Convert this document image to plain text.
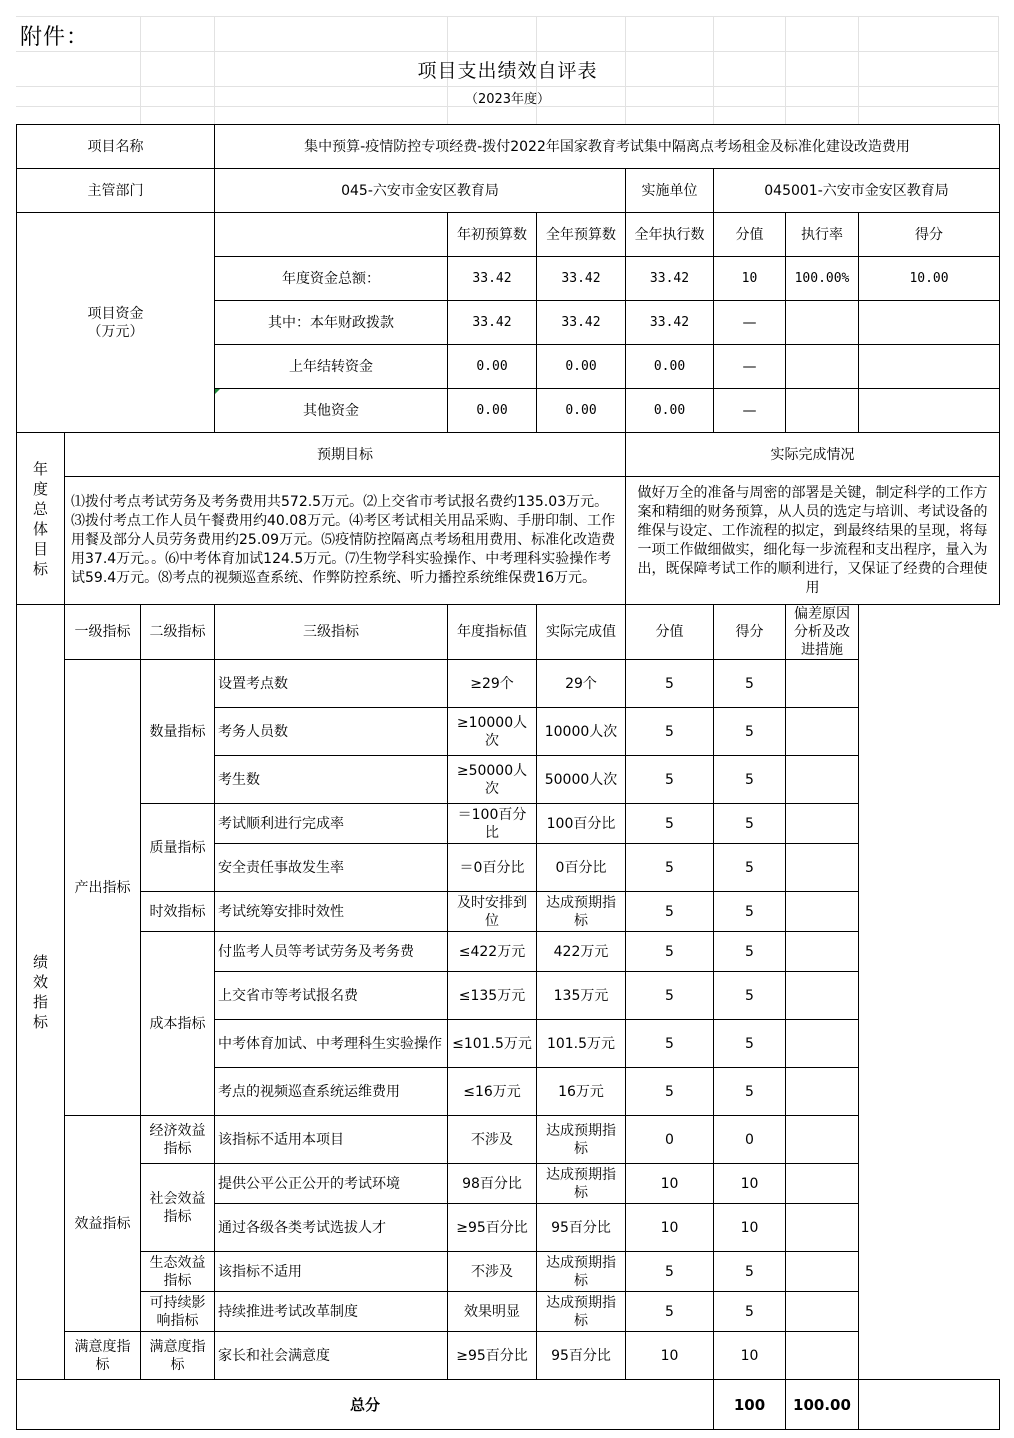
附件：
项目支出绩效自评表
（2023年度）
项目名称			集中预算-疫情防控专项经费-拨付2022年国家教育考试集中隔离点考场租金及标准化建设改造费用						
主管部门			045-六安市金安区教育局			实施单位	045001-六安市金安区教育局		
项目资金
（万元）				年初预算数	全年预算数	全年执行数	分值	执行率	得分
			年度资金总额：	33.42	33.42	33.42	10	100.00%	10.00
			其中：本年财政拨款	33.42	33.42	33.42	—		
			上年结转资金	0.00	0.00	0.00	—		
			其他资金	0.00	0.00	0.00	—		

年度总体目标	预期目标					实际完成情况			

	⑴拨付考点考试劳务及考务费用共572.5万元。⑵上交省市考试报名费约135.03万元。⑶拨付考点工作人员午餐费用约40.08万元。⑷考区考试相关用品采购、手册印制、工作用餐及部分人员劳务费用约25.09万元。⑸疫情防控隔离点考场租用费用、标准化改造费用37.4万元。。⑹中考体育加试124.5万元。⑺生物学科实验操作、中考理科实验操作考试59.4万元。⑻考点的视频巡查系统、作弊防控系统、听力播控系统维保费16万元。					做好万全的准备与周密的部署是关键，制定科学的工作方案和精细的财务预算，从人员的选定与培训、考试设备的维保与设定、工作流程的拟定，到最终结果的呈现，将每一项工作做细做实，细化每一步流程和支出程序，量入为出，既保障考试工作的顺利进行，又保证了经费的合理使用			

绩效指标	一级指标	二级指标	三级指标	年度指标值	实际完成值	分值	得分	偏差原因分析及改进措施	
	产出指标	数量指标	设置考点数	≥29个	29个	5	5		
			考务人员数	≥10000人次	10000人次	5	5		
			考生数	≥50000人次	50000人次	5	5		
		质量指标	考试顺利进行完成率	＝100百分比	100百分比	5	5		
			安全责任事故发生率	＝0百分比	0百分比	5	5		
		时效指标	考试统筹安排时效性	及时安排到位	达成预期指标	5	5		
		成本指标	付监考人员等考试劳务及考务费	≤422万元	422万元	5	5		
			上交省市等考试报名费	≤135万元	135万元	5	5		
			中考体育加试、中考理科生实验操作	≤101.5万元	101.5万元	5	5		
			考点的视频巡查系统运维费用	≤16万元	16万元	5	5		
	效益指标	经济效益指标	该指标不适用本项目	不涉及	达成预期指标	0	0		
		社会效益指标	提供公平公正公开的考试环境	98百分比	达成预期指标	10	10		
			通过各级各类考试选拔人才	≥95百分比	95百分比	10	10		
		生态效益指标	该指标不适用	不涉及	达成预期指标	5	5		
		可持续影响指标	持续推进考试改革制度	效果明显	达成预期指标	5	5		
	满意度指标	满意度指标	家长和社会满意度	≥95百分比	95百分比	10	10		
总分							100	100.00	
